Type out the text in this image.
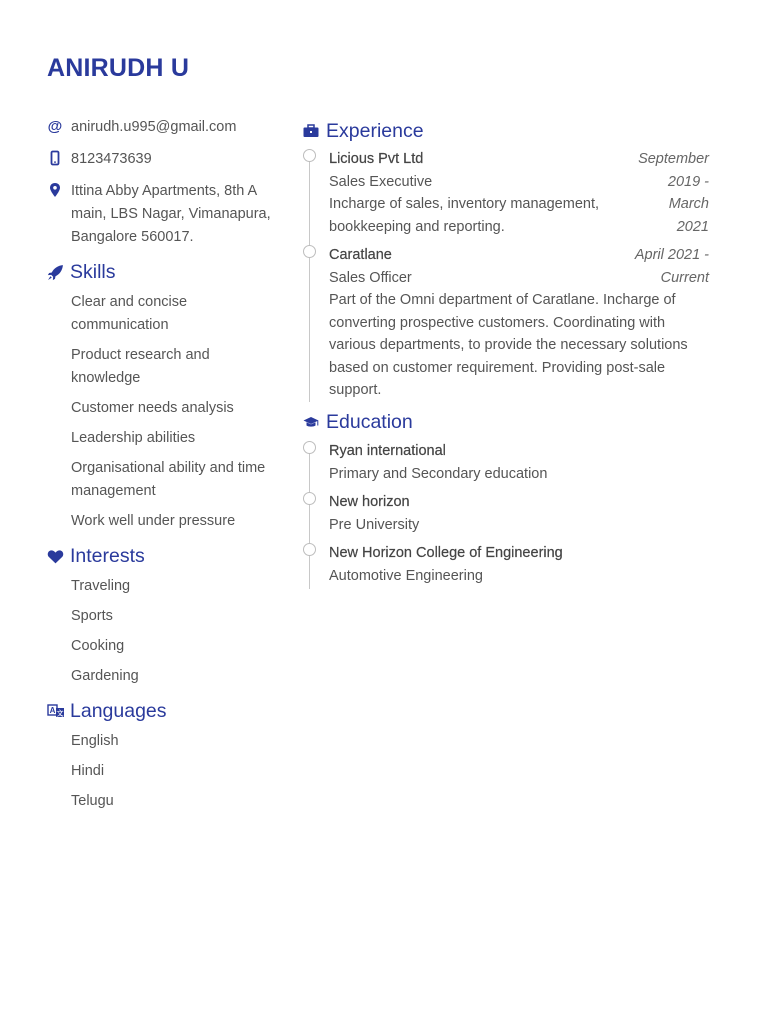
ANIRUDH U
@ anirudh.u995@gmail.com
8123473639
Ittina Abby Apartments, 8th A main, LBS Nagar, Vimanapura, Bangalore 560017.
Skills
Clear and concise communication
Product research and knowledge
Customer needs analysis
Leadership abilities
Organisational ability and time management
Work well under pressure
Interests
Traveling
Sports
Cooking
Gardening
A 文 Languages
English
Hindi
Telugu
Experience
Licious Pvt Ltd
Sales Executive
Incharge of sales, inventory management, bookkeeping and reporting.
September 2019 - March 2021
Caratlane
Sales Officer
April 2021 - Current
Part of the Omni department of Caratlane. Incharge of converting prospective customers. Coordinating with various departments, to provide the necessary solutions based on customer requirement. Providing post-sale support.
Education
Ryan international
Primary and Secondary education
New horizon
Pre University
New Horizon College of Engineering
Automotive Engineering
